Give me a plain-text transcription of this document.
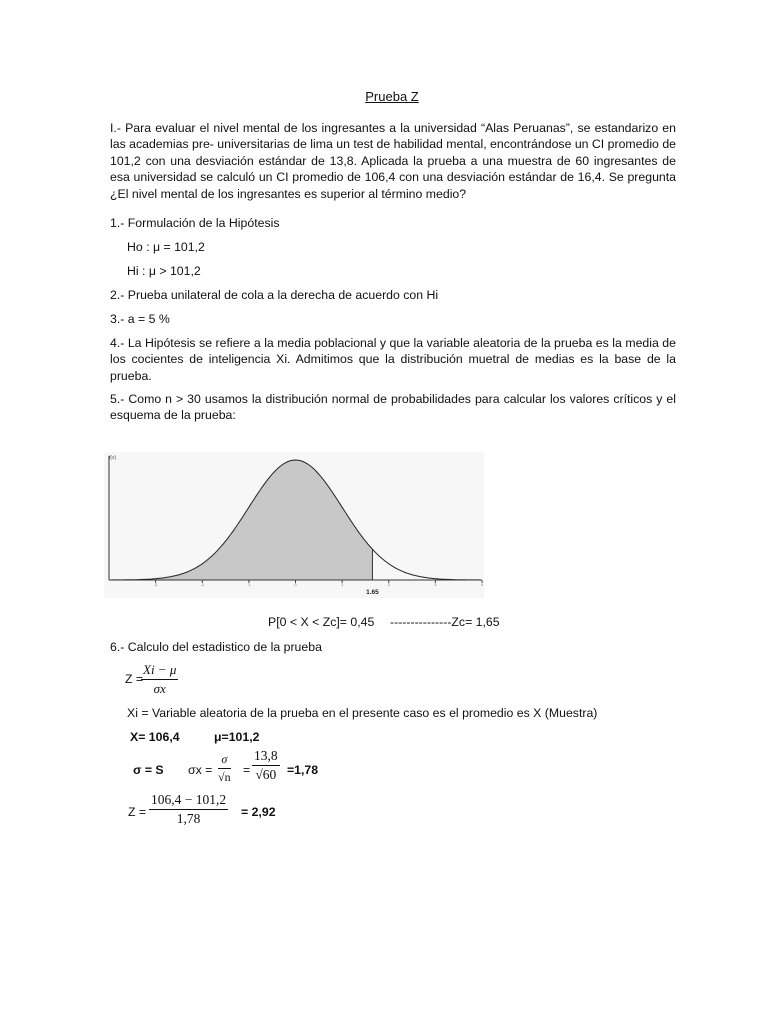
Prueba Z
I.- Para evaluar el nivel mental de los ingresantes a la universidad “Alas Peruanas”, se estandarizo en las academias pre- universitarias de lima un test de habilidad mental, encontrándose un CI promedio de 101,2 con una desviación estándar de 13,8. Aplicada la prueba a una muestra de 60 ingresantes de esa universidad se calculó un CI promedio de 106,4 con una desviación estándar de 16,4. Se pregunta ¿El nivel mental de los ingresantes es superior al término medio?
1.- Formulación de la Hipótesis
Ho : μ = 101,2
Hi : μ > 101,2
2.- Prueba unilateral de cola a la derecha de acuerdo con Hi
3.- a = 5 %
4.- La Hipótesis se refiere a la media poblacional y que la variable aleatoria de la prueba es la media de los cocientes de inteligencia Xi. Admitimos que la distribución muetral de medias es la base de la prueba.
5.- Como n > 30 usamos la distribución normal de probabilidades para calcular los valores críticos y el esquema de la prueba:
f(x)
-3	-2	-1	0	1	2	3	4
1.65
P[0 < X < Zc]= 0,45 ---------------Zc= 1,65
6.- Calculo del estadistico de la prueba
Z =
$\frac{Xi - \mu}{\sigma x}$
Xi = Variable aleatoria de la prueba en el presente caso es el promedio es X (Muestra)
X= 106,4	μ=101,2
σ = S $\sigma x = \frac{\sigma}{√n} = \frac{13,8}{√60} =1,78$
$Z = \frac{106,4 - 101,2}{1,78} = 2,92$
